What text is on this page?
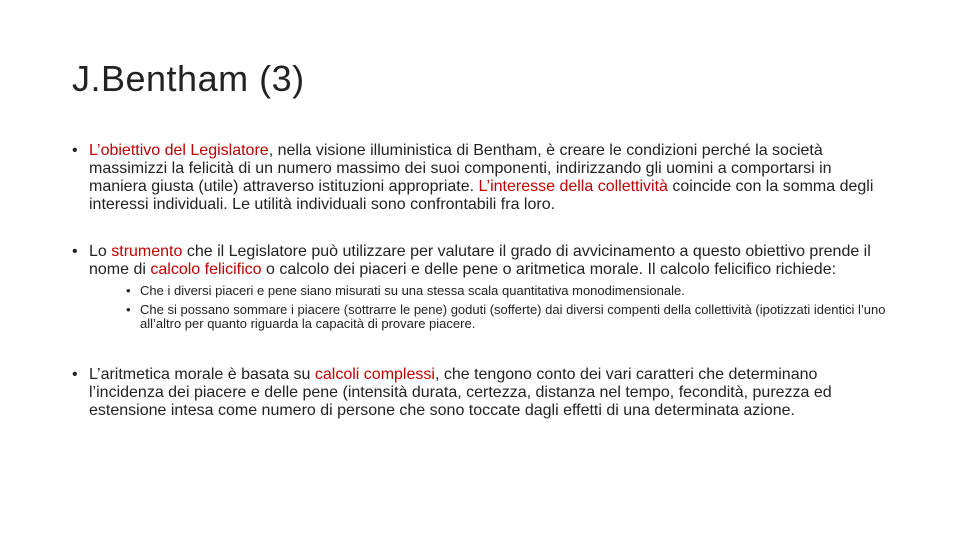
J.Bentham (3)
• L’obiettivo del Legislatore, nella visione illuministica di Bentham, è creare le condizioni perché la società massimizzi la felicità di un numero massimo dei suoi componenti, indirizzando gli uomini a comportarsi in maniera giusta (utile) attraverso istituzioni appropriate. L’interesse della collettività coincide con la somma degli interessi individuali. Le utilità individuali sono confrontabili fra loro.
• Lo strumento che il Legislatore può utilizzare per valutare il grado di avvicinamento a questo obiettivo prende il nome di calcolo felicifico o calcolo dei piaceri e delle pene o aritmetica morale. Il calcolo felicifico richiede:
• Che i diversi piaceri e pene siano misurati su una stessa scala quantitativa monodimensionale.
• Che si possano sommare i piacere (sottrarre le pene) goduti (sofferte) dai diversi compenti della collettività (ipotizzati identici l’uno all’altro per quanto riguarda la capacità di provare piacere.
• L’aritmetica morale è basata su calcoli complessi, che tengono conto dei vari caratteri che determinano l’incidenza dei piacere e delle pene (intensità durata, certezza, distanza nel tempo, fecondità, purezza ed estensione intesa come numero di persone che sono toccate dagli effetti di una determinata azione.
